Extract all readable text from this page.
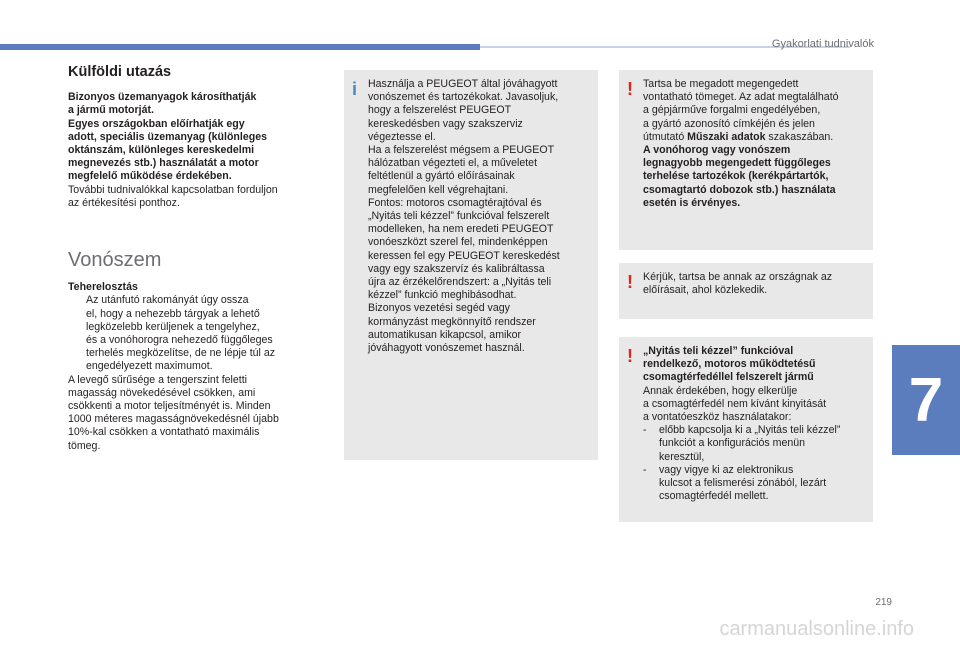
Gyakorlati tudnivalók
Külföldi utazás
Bizonyos üzemanyagok károsíthatják
a jármű motorját.
Egyes országokban előírhatják egy
adott, speciális üzemanyag (különleges
oktánszám, különleges kereskedelmi
megnevezés stb.) használatát a motor
megfelelő működése érdekében.
További tudnivalókkal kapcsolatban forduljon
az értékesítési ponthoz.
Vonószem
Teherelosztás
Az utánfutó rakományát úgy ossza
el, hogy a nehezebb tárgyak a lehető
legközelebb kerüljenek a tengelyhez,
és a vonóhorogra nehezedő függőleges
terhelés megközelítse, de ne lépje túl az
engedélyezett maximumot.
A levegő sűrűsége a tengerszint feletti
magasság növekedésével csökken, ami
csökkenti a motor teljesítményét is. Minden
1000 méteres magasságnövekedésnél újabb
10%-kal csökken a vontatható maximális
tömeg.
i Használja a PEUGEOT által jóváhagyott
vonószemet és tartozékokat. Javasoljuk,
hogy a felszerelést PEUGEOT
kereskedésben vagy szakszerviz
végeztesse el.
Ha a felszerelést mégsem a PEUGEOT
hálózatban végezteti el, a műveletet
feltétlenül a gyártó előírásainak
megfelelően kell végrehajtani.
Fontos: motoros csomagtérajtóval és
„Nyitás teli kézzel” funkcióval felszerelt
modelleken, ha nem eredeti PEUGEOT
vonóeszközt szerel fel, mindenképpen
keressen fel egy PEUGEOT kereskedést
vagy egy szakszervíz és kalibráltassa
újra az érzékelőrendszert: a „Nyitás teli
kézzel” funkció meghibásodhat.
Bizonyos vezetési segéd vagy
kormányzást megkönnyítő rendszer
automatikusan kikapcsol, amikor
jóváhagyott vonószemet használ.
! Tartsa be megadott megengedett
vontatható tömeget. Az adat megtalálható
a gépjárműve forgalmi engedélyében,
a gyártó azonosító címkéjén és jelen
útmutató Műszaki adatok szakaszában.
A vonóhorog vagy vonószem
legnagyobb megengedett függőleges
terhelése tartozékok (kerékpártartók,
csomagtartó dobozok stb.) használata
esetén is érvényes.
! Kérjük, tartsa be annak az országnak az
előírásait, ahol közlekedik.
! „Nyitás teli kézzel” funkcióval
rendelkező, motoros működtetésű
csomagtérfedéllel felszerelt jármű
Annak érdekében, hogy elkerülje
a csomagtérfedél nem kívánt kinyitását
a vontatóeszköz használatakor:
- előbb kapcsolja ki a „Nyitás teli kézzel”
funkciót a konfigurációs menün
keresztül,
- vagy vigye ki az elektronikus
kulcsot a felismerési zónából, lezárt
csomagtérfedél mellett.
7
219
carmanualsonline.info
